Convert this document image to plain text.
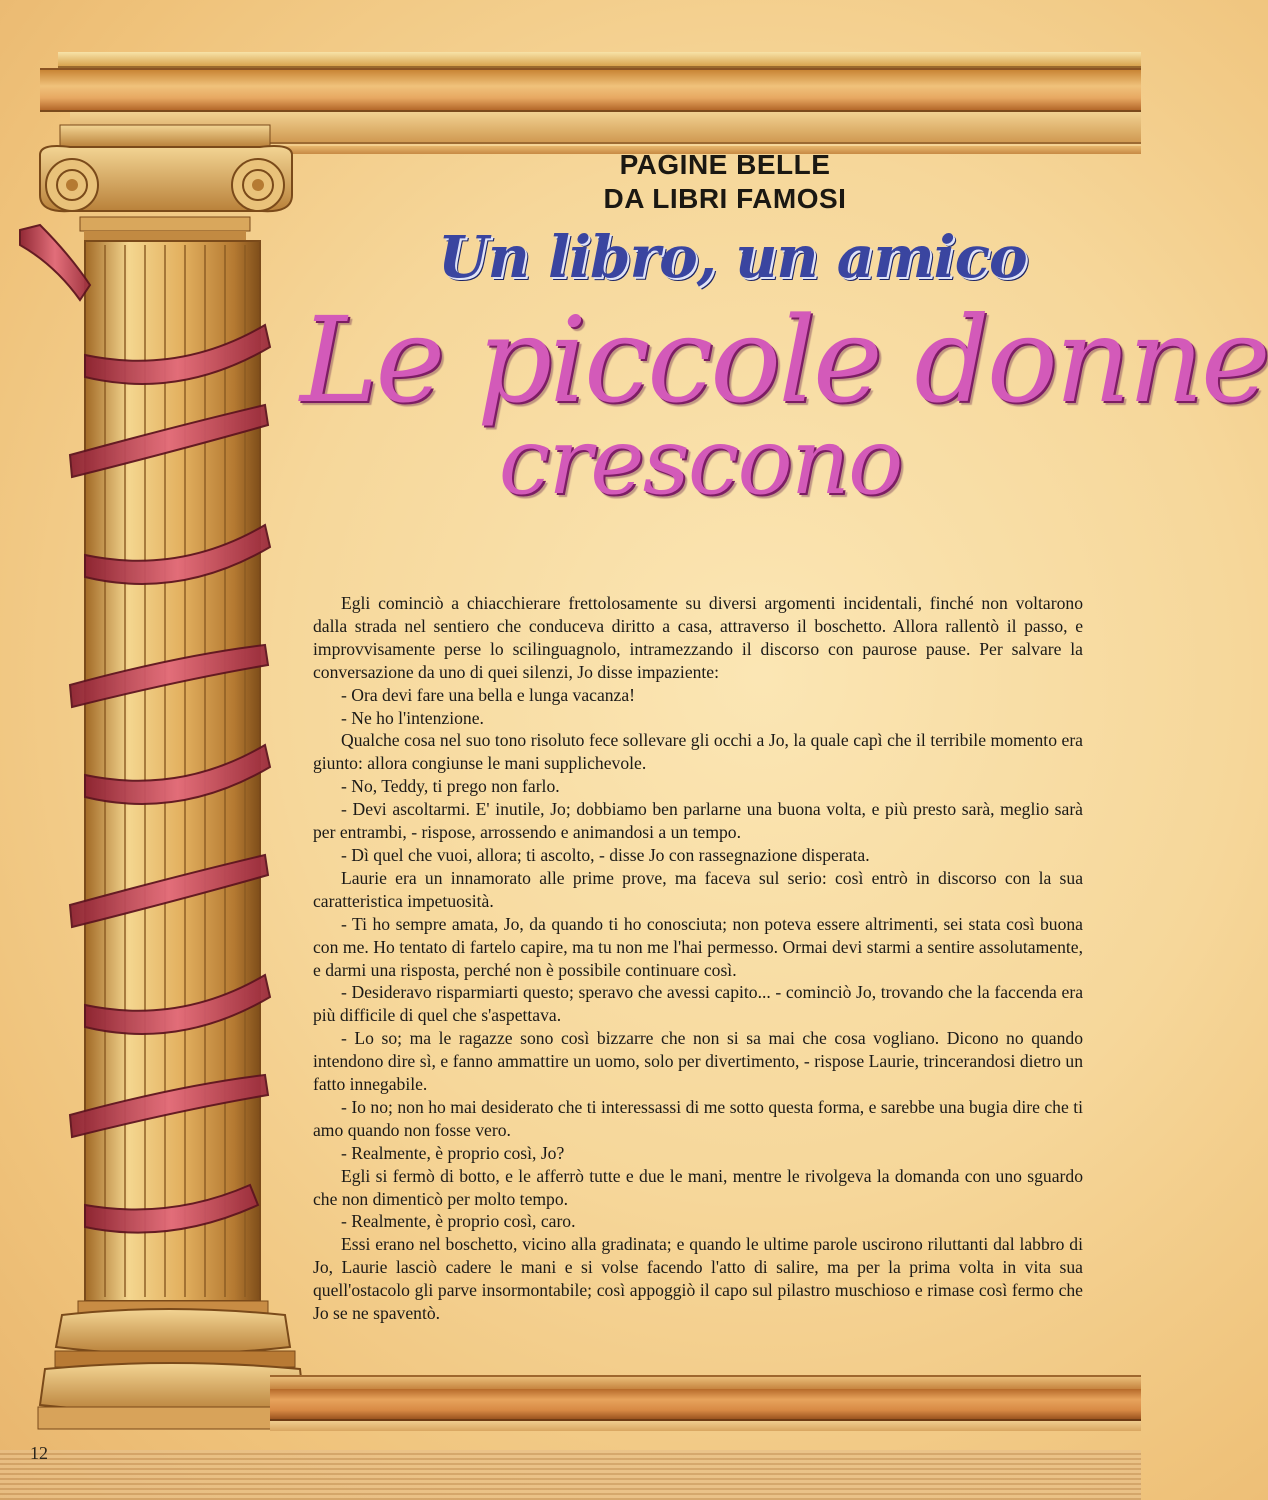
PAGINE BELLE
DA LIBRI FAMOSI
Un libro, un amico
Le piccole donne
crescono

Egli cominciò a chiacchierare frettolosamente su diversi argomenti incidentali, finché non voltarono dalla strada nel sentiero che conduceva diritto a casa, attraverso il boschetto. Allora rallentò il passo, e improvvisamente perse lo scilinguagnolo, intramezzando il discorso con paurose pause. Per salvare la conversazione da uno di quei silenzi, Jo disse impaziente:

- Ora devi fare una bella e lunga vacanza!

- Ne ho l'intenzione.

Qualche cosa nel suo tono risoluto fece sollevare gli occhi a Jo, la quale capì che il terribile momento era giunto: allora congiunse le mani supplichevole.

- No, Teddy, ti prego non farlo.

- Devi ascoltarmi. E' inutile, Jo; dobbiamo ben parlarne una buona volta, e più presto sarà, meglio sarà per entrambi, - rispose, arrossendo e animandosi a un tempo.

- Dì quel che vuoi, allora; ti ascolto, - disse Jo con rassegnazione disperata.

Laurie era un innamorato alle prime prove, ma faceva sul serio: così entrò in discorso con la sua caratteristica impetuosità.

- Ti ho sempre amata, Jo, da quando ti ho conosciuta; non poteva essere altrimenti, sei stata così buona con me. Ho tentato di fartelo capire, ma tu non me l'hai permesso. Ormai devi starmi a sentire assolutamente, e darmi una risposta, perché non è possibile continuare così.

- Desideravo risparmiarti questo; speravo che avessi capito... - cominciò Jo, trovando che la faccenda era più difficile di quel che s'aspettava.

- Lo so; ma le ragazze sono così bizzarre che non si sa mai che cosa vogliano. Dicono no quando intendono dire sì, e fanno ammattire un uomo, solo per divertimento, - rispose Laurie, trincerandosi dietro un fatto innegabile.

- Io no; non ho mai desiderato che ti interessassi di me sotto questa forma, e sarebbe una bugia dire che ti amo quando non fosse vero.

- Realmente, è proprio così, Jo?

Egli si fermò di botto, e le afferrò tutte e due le mani, mentre le rivolgeva la domanda con uno sguardo che non dimenticò per molto tempo.

- Realmente, è proprio così, caro.

Essi erano nel boschetto, vicino alla gradinata; e quando le ultime parole uscirono riluttanti dal labbro di Jo, Laurie lasciò cadere le mani e si volse facendo l'atto di salire, ma per la prima volta in vita sua quell'ostacolo gli parve insormontabile; così appoggiò il capo sul pilastro muschioso e rimase così fermo che Jo se ne spaventò.

12
